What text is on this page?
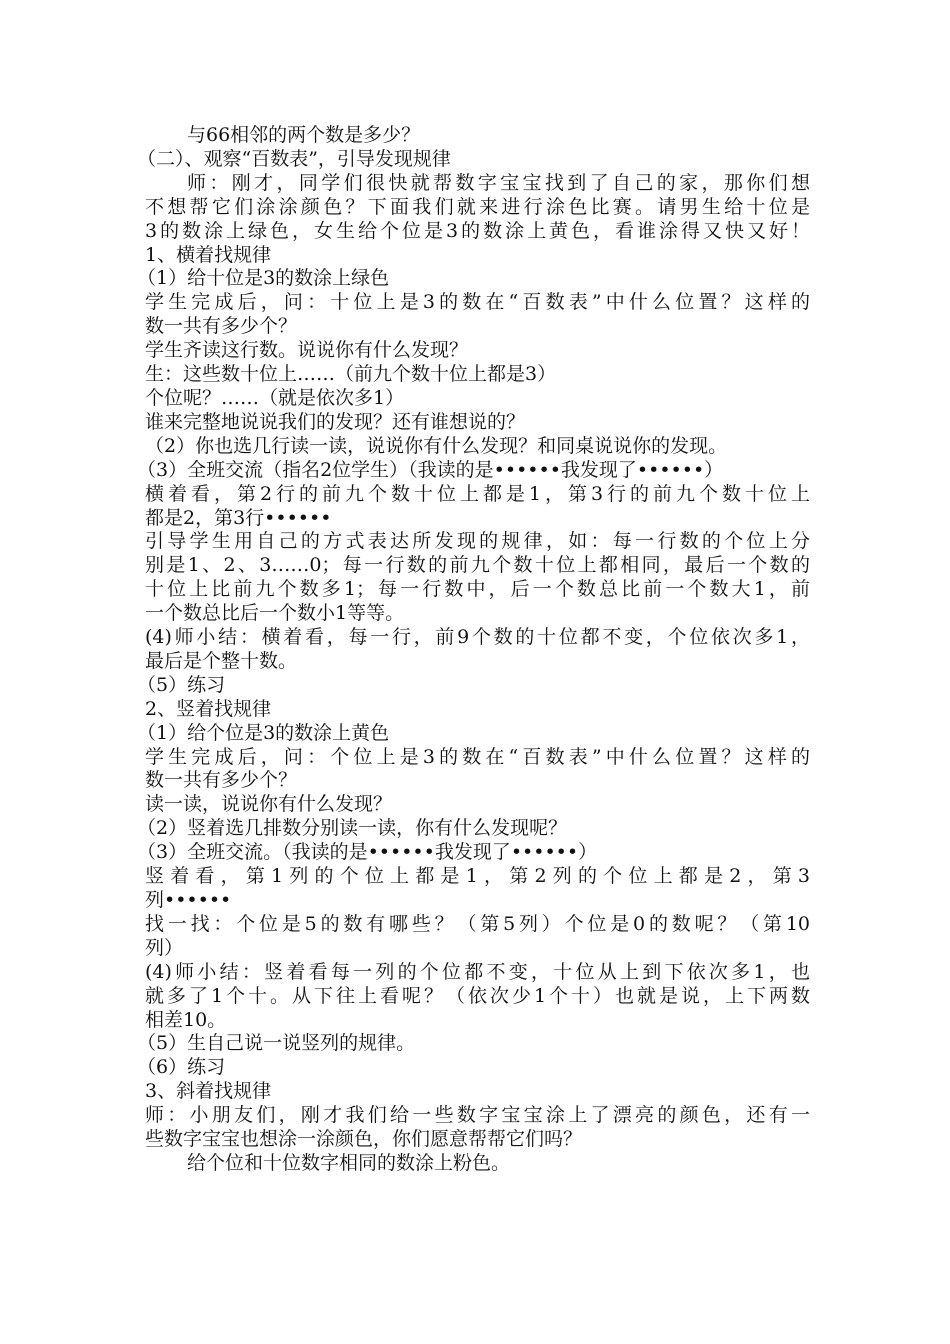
与66相邻的两个数是多少？

（二）、观察“百数表”，引导发现规律

师：刚才，同学们很快就帮数字宝宝找到了自己的家，那你们想

不想帮它们涂涂颜色？下面我们就来进行涂色比赛。请男生给十位是

3的数涂上绿色，女生给个位是3的数涂上黄色，看谁涂得又快又好！

1、横着找规律

（1）给十位是3的数涂上绿色

学生完成后，问：十位上是3的数在“百数表”中什么位置？这样的

数一共有多少个？

学生齐读这行数。说说你有什么发现？

生：这些数十位上……（前九个数十位上都是3）

个位呢？……（就是依次多1）

谁来完整地说说我们的发现？还有谁想说的？

（2）你也选几行读一读，说说你有什么发现？和同桌说说你的发现。

（3）全班交流（指名2位学生）（我读的是••••••我发现了••••••）

横着看，第2行的前九个数十位上都是1，第3行的前九个数十位上

都是2，第3行••••••

引导学生用自己的方式表达所发现的规律，如：每一行数的个位上分

别是1、2、3……0；每一行数的前九个数十位上都相同，最后一个数的

十位上比前九个数多1；每一行数中，后一个数总比前一个数大1，前

一个数总比后一个数小1等等。

(4)师小结：横着看，每一行，前9个数的十位都不变，个位依次多1，

最后是个整十数。

（5）练习

2、竖着找规律

（1）给个位是3的数涂上黄色

学生完成后，问：个位上是3的数在“百数表”中什么位置？这样的

数一共有多少个？

读一读，说说你有什么发现？

（2）竖着选几排数分别读一读，你有什么发现呢？

（3）全班交流。（我读的是••••••我发现了••••••）

竖着看，第1列的个位上都是1，第2列的个位上都是2，第3

列••••••

找一找：个位是5的数有哪些？（第5列）个位是0的数呢？（第10

列）

(4)师小结：竖着看每一列的个位都不变，十位从上到下依次多1，也

就多了1个十。从下往上看呢？（依次少1个十）也就是说，上下两数

相差10。

（5）生自己说一说竖列的规律。

（6）练习

3、斜着找规律

师：小朋友们，刚才我们给一些数字宝宝涂上了漂亮的颜色，还有一

些数字宝宝也想涂一涂颜色，你们愿意帮帮它们吗？

给个位和十位数字相同的数涂上粉色。
